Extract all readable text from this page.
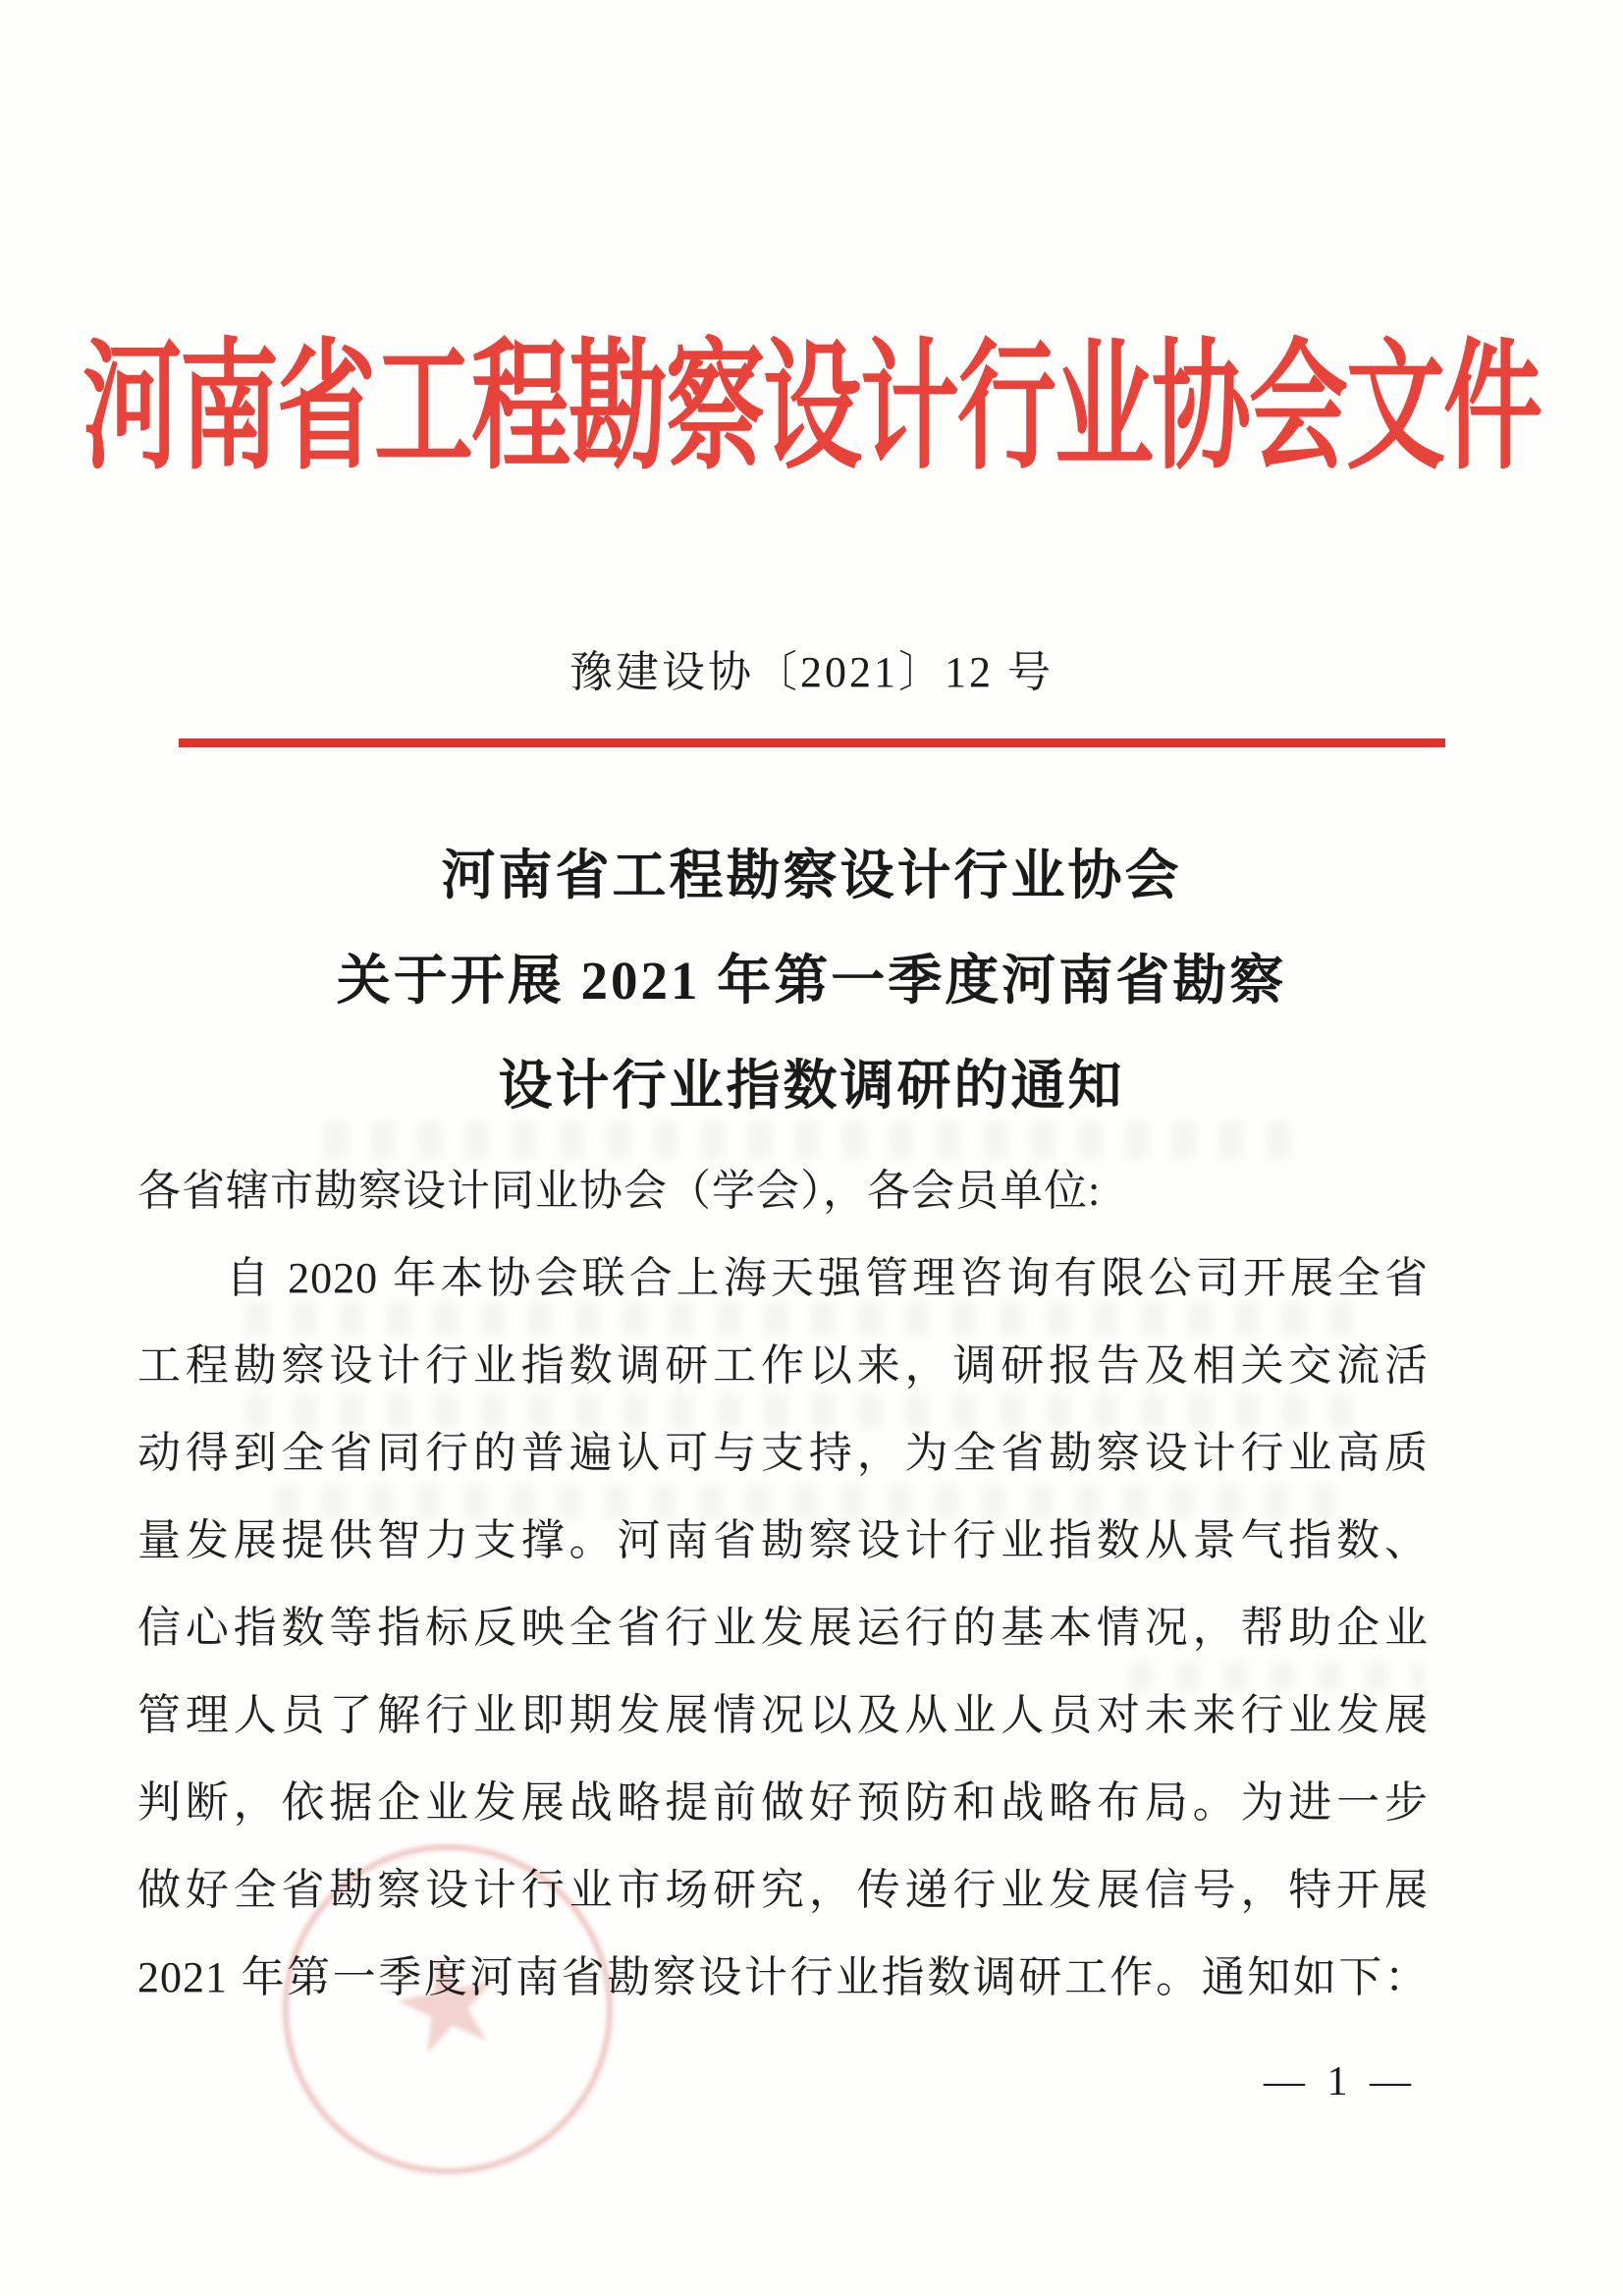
★
河南省工程勘察设计行业协会文件
豫建设协〔2021〕12 号
河南省工程勘察设计行业协会
关于开展 2021 年第一季度河南省勘察
设计行业指数调研的通知
各省辖市勘察设计同业协会（学会），各会员单位:
自 2020 年本协会联合上海天强管理咨询有限公司开展全省
工程勘察设计行业指数调研工作以来，调研报告及相关交流活
动得到全省同行的普遍认可与支持，为全省勘察设计行业高质
量发展提供智力支撑。河南省勘察设计行业指数从景气指数、
信心指数等指标反映全省行业发展运行的基本情况，帮助企业
管理人员了解行业即期发展情况以及从业人员对未来行业发展
判断，依据企业发展战略提前做好预防和战略布局。为进一步
做好全省勘察设计行业市场研究，传递行业发展信号，特开展
2021 年第一季度河南省勘察设计行业指数调研工作。通知如下：
— 1 —
